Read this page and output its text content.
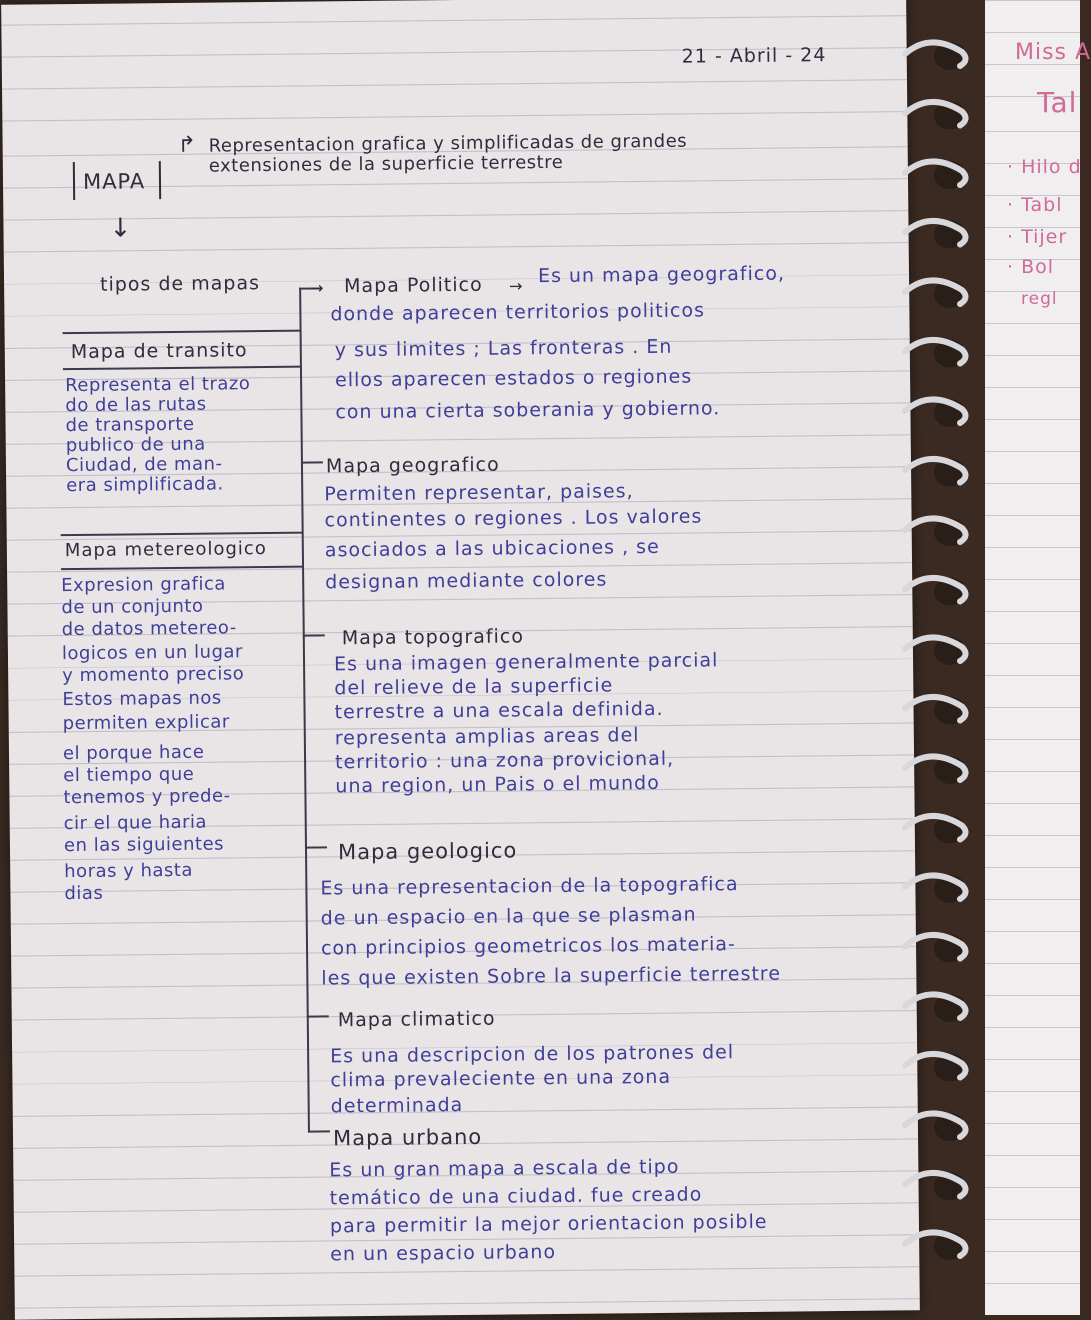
Miss A
Tal
· Hilo d
· Tabl
· Tijer
· Bol
regl
21 - Abril - 24
MAPA
↱
↓
Representacion grafica y simplificadas de grandes
extensiones de la superficie terrestre
tipos de mapas
Mapa de transito
Representa el trazo
do de las rutas
de transporte
publico de una
Ciudad, de man-
era simplificada.
Mapa metereologico
Expresion grafica
de un conjunto
de datos metereo-
logicos en un lugar
y momento preciso
Estos mapas nos
permiten explicar
el porque hace
el tiempo que
tenemos y prede-
cir el que haria
en las siguientes
horas y hasta
dias
→ Mapa Politico → Es un mapa geografico,
donde aparecen territorios politicos
y sus limites ; Las fronteras . En
ellos aparecen estados o regiones
con una cierta soberania y gobierno.
Mapa geografico
Permiten representar, paises,
continentes o regiones . Los valores
asociados a las ubicaciones , se
designan mediante colores
Mapa topografico
Es una imagen generalmente parcial
del relieve de la superficie
terrestre a una escala definida.
representa amplias areas del
territorio : una zona provicional,
una region, un Pais o el mundo
Mapa geologico
Es una representacion de la topografica
de un espacio en la que se plasman
con principios geometricos los materia-
les que existen Sobre la superficie terrestre
Mapa climatico
Es una descripcion de los patrones del
clima prevaleciente en una zona
determinada
Mapa urbano
Es un gran mapa a escala de tipo
temático de una ciudad. fue creado
para permitir la mejor orientacion posible
en un espacio urbano
